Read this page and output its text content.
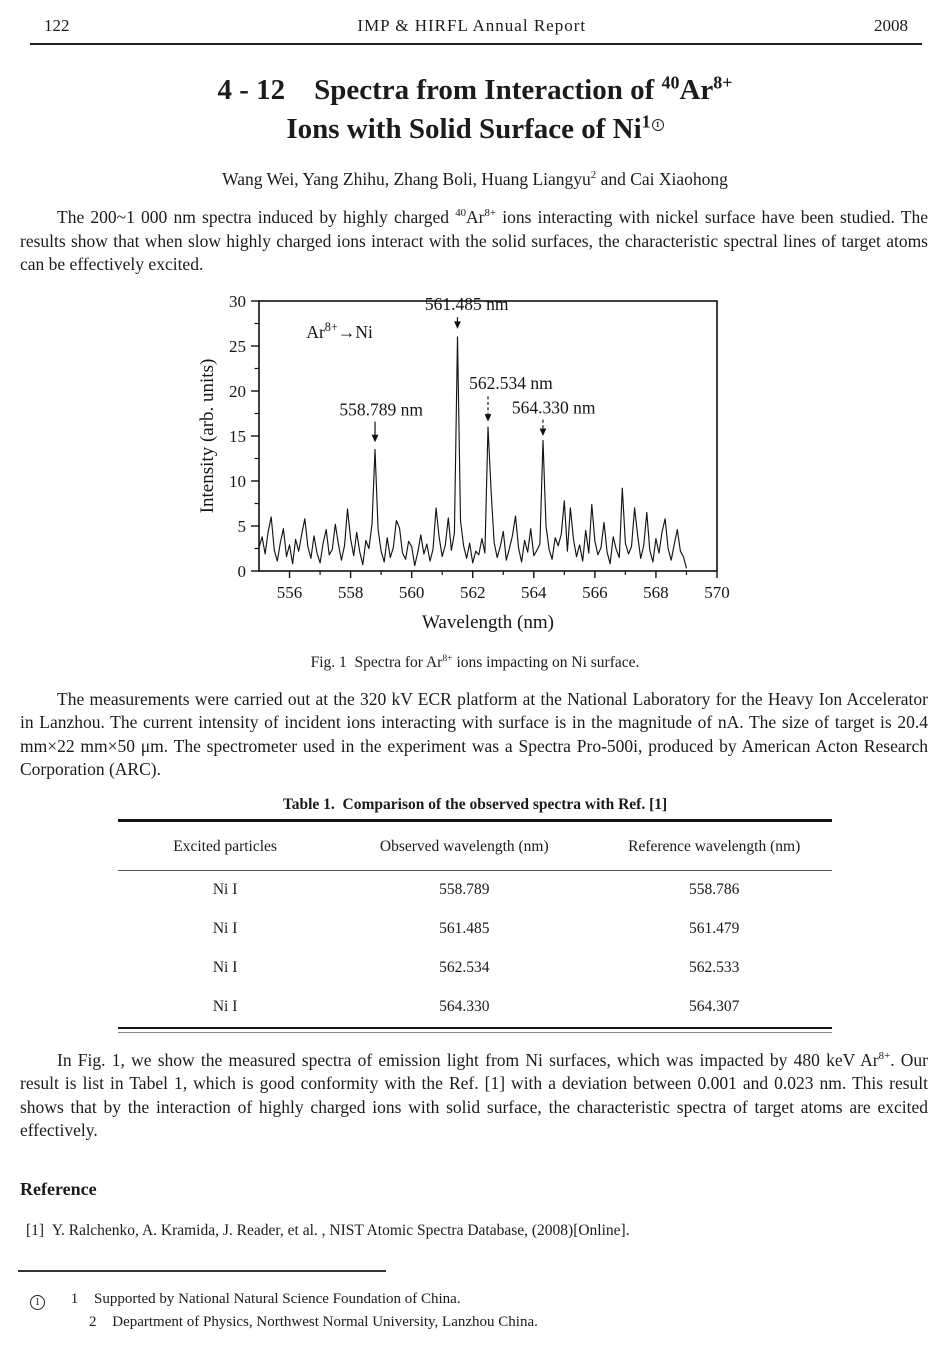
122	IMP & HIRFL Annual Report	2008
4 - 12 Spectra from Interaction of $^{40}Ar^{8+}$
Ions with Solid Surface of Ni$^1$ $^1$
Wang Wei, Yang Zhihu, Zhang Boli, Huang Liangyu$^2$ and Cai Xiaohong
The 200~1 000 nm spectra induced by highly charged $^{40}Ar^{8+}$ ions interacting with nickel surface have been studied. The results show that when slow highly charged ions interact with the solid surfaces, the characteristic spectral lines of target atoms can be effectively excited.
0
5
10
15
20
25
30
556 558 560 562 564 566 568 570
$Ar^{8+}\to Ni$
561.485 nm
558.789 nm
562.534 nm
564.330 nm
Wavelength (nm)
Intensity (arb. units)
Fig. 1 Spectra for $Ar^{8+}$ ions impacting on Ni surface.
The measurements were carried out at the 320 kV ECR platform at the National Laboratory for the Heavy Ion Accelerator in Lanzhou. The current intensity of incident ions interacting with surface is in the magnitude of nA. The size of target is 20.4 mm×22 mm×50 μm. The spectrometer used in the experiment was a Spectra Pro-500i, produced by American Acton Research Corporation (ARC).
Table 1. Comparison of the observed spectra with Ref. [1]
Excited particles	Observed wavelength (nm)	Reference wavelength (nm)
Ni I	558.789	558.786
Ni I	561.485	561.479
Ni I	562.534	562.533
Ni I	564.330	564.307
In Fig. 1, we show the measured spectra of emission light from Ni surfaces, which was impacted by 480 keV $Ar^{8+}$. Our result is list in Tabel 1, which is good conformity with the Ref. [1] with a deviation between 0.001 and 0.023 nm. This result shows that by the interaction of highly charged ions with solid surface, the characteristic spectra of target atoms are excited effectively.
Reference
[1] Y. Ralchenko, A. Kramida, J. Reader, et al. , NIST Atomic Spectra Database, (2008)[Online].
1 1 Supported by National Natural Science Foundation of China.
2 Department of Physics, Northwest Normal University, Lanzhou China.
